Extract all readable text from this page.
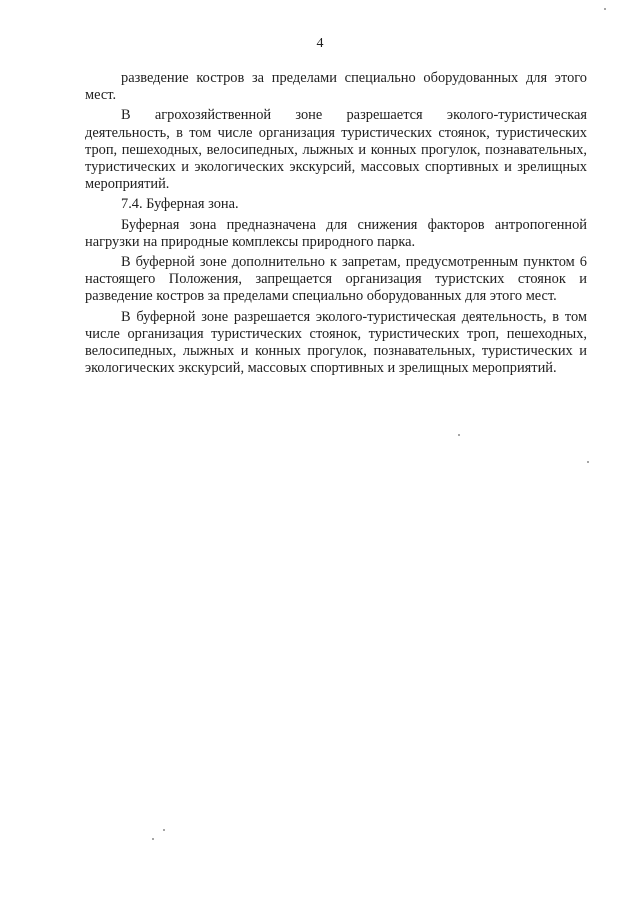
4

разведение костров за пределами специально оборудованных для этого мест.

В агрохозяйственной зоне разрешается эколого-туристическая деятельность, в том числе организация туристических стоянок, туристических троп, пешеходных, велосипедных, лыжных и конных прогулок, познавательных, туристических и экологических экскурсий, массовых спортивных и зрелищных мероприятий.

7.4. Буферная зона.

Буферная зона предназначена для снижения факторов антропогенной нагрузки на природные комплексы природного парка.

В буферной зоне дополнительно к запретам, предусмотренным пунктом 6 настоящего Положения, запрещается организация туристских стоянок и разведение костров за пределами специально оборудованных для этого мест.

В буферной зоне разрешается эколого-туристическая деятельность, в том числе организация туристических стоянок, туристических троп, пешеходных, велосипедных, лыжных и конных прогулок, познавательных, туристических и экологических экскурсий, массовых спортивных и зрелищных мероприятий.
